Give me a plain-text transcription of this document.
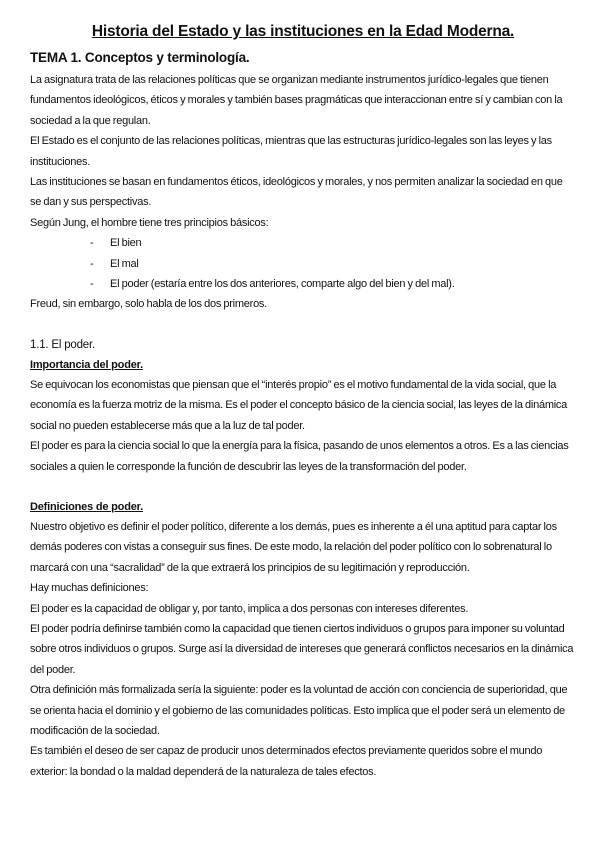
Historia del Estado y las instituciones en la Edad Moderna.
TEMA 1. Conceptos y terminología.

La asignatura trata de las relaciones políticas que se organizan mediante instrumentos jurídico-legales que tienen fundamentos ideológicos, éticos y morales y también bases pragmáticas que interaccionan entre sí y cambian con la sociedad a la que regulan.

El Estado es el conjunto de las relaciones políticas, mientras que las estructuras jurídico-legales son las leyes y las instituciones.

Las instituciones se basan en fundamentos éticos, ideológicos y morales, y nos permiten analizar la sociedad en que se dan y sus perspectivas.

Según Jung, el hombre tiene tres principios básicos:

- El bien
- El mal
- El poder (estaría entre los dos anteriores, comparte algo del bien y del mal).

Freud, sin embargo, solo habla de los dos primeros.

1.1. El poder.
Importancia del poder.

Se equivocan los economistas que piensan que el “interés propio” es el motivo fundamental de la vida social, que la economía es la fuerza motriz de la misma. Es el poder el concepto básico de la ciencia social, las leyes de la dinámica social no pueden establecerse más que a la luz de tal poder.

El poder es para la ciencia social lo que la energía para la física, pasando de unos elementos a otros. Es a las ciencias sociales a quien le corresponde la función de descubrir las leyes de la transformación del poder.

Definiciones de poder.

Nuestro objetivo es definir el poder político, diferente a los demás, pues es inherente a él una aptitud para captar los demás poderes con vistas a conseguir sus fines. De este modo, la relación del poder político con lo sobrenatural lo marcará con una “sacralidad” de la que extraerá los principios de su legitimación y reproducción.

Hay muchas definiciones:

El poder es la capacidad de obligar y, por tanto, implica a dos personas con intereses diferentes.

El poder podría definirse también como la capacidad que tienen ciertos individuos o grupos para imponer su voluntad sobre otros individuos o grupos. Surge así la diversidad de intereses que generará conflictos necesarios en la dinámica del poder.

Otra definición más formalizada sería la siguiente: poder es la voluntad de acción con conciencia de superioridad, que se orienta hacia el dominio y el gobierno de las comunidades políticas. Esto implica que el poder será un elemento de modificación de la sociedad.

Es también el deseo de ser capaz de producir unos determinados efectos previamente queridos sobre el mundo exterior: la bondad o la maldad dependerá de la naturaleza de tales efectos.
